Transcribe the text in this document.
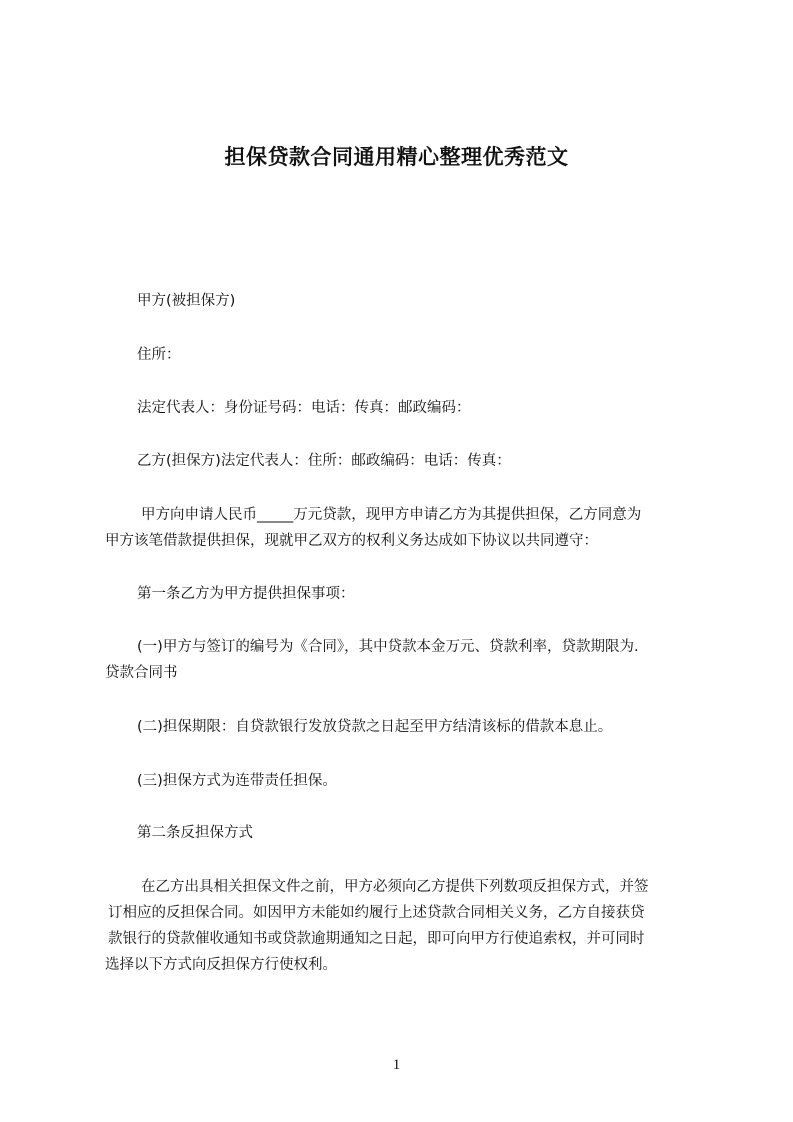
担保贷款合同通用精心整理优秀范文
甲方(被担保方)
住所：
法定代表人：身份证号码：电话：传真：邮政编码：
乙方(担保方)法定代表人：住所：邮政编码：电话：传真：
甲方向申请人民币_____万元贷款，现甲方申请乙方为其提供担保，乙方同意为
甲方该笔借款提供担保，现就甲乙双方的权利义务达成如下协议以共同遵守：
第一条乙方为甲方提供担保事项：
(一)甲方与签订的编号为《合同》，其中贷款本金万元、贷款利率，贷款期限为.
贷款合同书
(二)担保期限：自贷款银行发放贷款之日起至甲方结清该标的借款本息止。
(三)担保方式为连带责任担保。
第二条反担保方式
在乙方出具相关担保文件之前，甲方必须向乙方提供下列数项反担保方式，并签
订相应的反担保合同。如因甲方未能如约履行上述贷款合同相关义务，乙方自接获贷
款银行的贷款催收通知书或贷款逾期通知之日起，即可向甲方行使追索权，并可同时
选择以下方式向反担保方行使权利。
1
